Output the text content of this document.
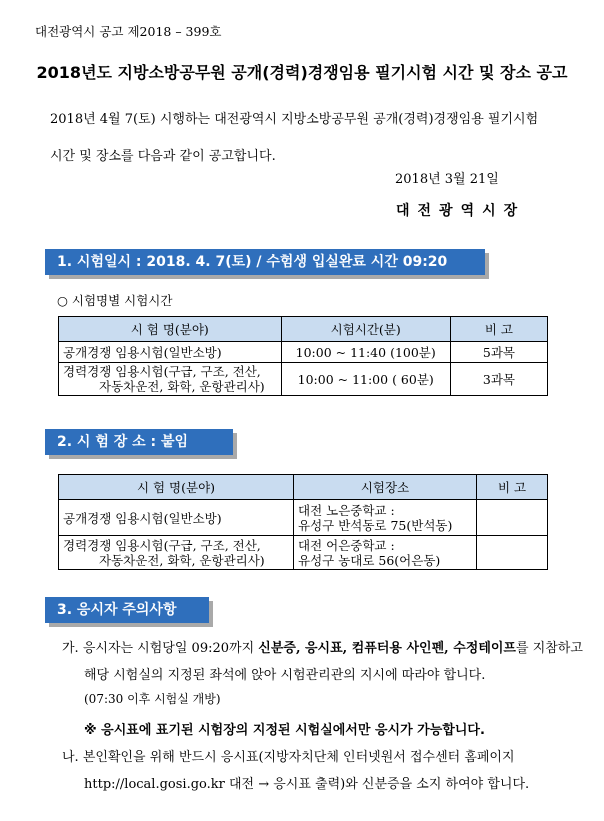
대전광역시 공고 제2018 – 399호
2018년도 지방소방공무원 공개(경력)경쟁임용 필기시험 시간 및 장소 공고
2018년 4월 7(토) 시행하는 대전광역시 지방소방공무원 공개(경력)경쟁임용 필기시험
시간 및 장소를 다음과 같이 공고합니다.
2018년 3월 21일
대전광역시장
1. 시험일시 : 2018. 4. 7(토) / 수험생 입실완료 시간 09:20
○ 시험명별 시험시간
시 험 명(분야)	시험시간(분)	비 고
공개경쟁 임용시험(일반소방)	10:00 ~ 11:40 (100분)	5과목
경력경쟁 임용시험(구급, 구조, 전산,
자동차운전, 화학, 운항관리사)	10:00 ~ 11:00 ( 60분)	3과목
2. 시 험 장 소 : 붙임
시 험 명(분야)	시험장소	비 고
공개경쟁 임용시험(일반소방)	대전 노은중학교 :
유성구 반석동로 75(반석동)	

경력경쟁 임용시험(구급, 구조, 전산,
자동차운전, 화학, 운항관리사)	대전 어은중학교 :
유성구 농대로 56(어은동)	

3. 응시자 주의사항
가. 응시자는 시험당일 09:20까지 신분증, 응시표, 컴퓨터용 사인펜, 수정테이프를 지참하고
해당 시험실의 지정된 좌석에 앉아 시험관리관의 지시에 따라야 합니다.
(07:30 이후 시험실 개방)
※ 응시표에 표기된 시험장의 지정된 시험실에서만 응시가 가능합니다.
나. 본인확인을 위해 반드시 응시표(지방자치단체 인터넷원서 접수센터 홈페이지
http://local.gosi.go.kr 대전 → 응시표 출력)와 신분증을 소지 하여야 합니다.
